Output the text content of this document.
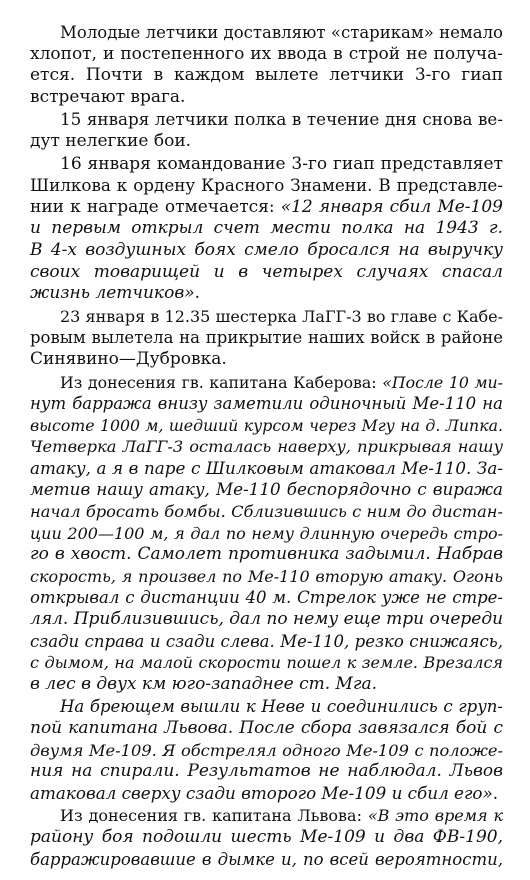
Молодые летчики доставляют «старикам» немало
хлопот, и постепенного их ввода в строй не получа-
ется. Почти в каждом вылете летчики 3-го гиап
встречают врага.
15 января летчики полка в течение дня снова ве-
дут нелегкие бои.
16 января командование 3-го гиап представляет
Шилкова к ордену Красного Знамени. В представле-
нии к награде отмечается: «12 января сбил Ме-109
и первым открыл счет мести полка на 1943 г.
В 4-х воздушных боях смело бросался на выручку
своих товарищей и в четырех случаях спасал
жизнь летчиков».
23 января в 12.35 шестерка ЛаГГ-3 во главе с Кабе-
ровым вылетела на прикрытие наших войск в районе
Синявино—Дубровка.
Из донесения гв. капитана Каберова: «После 10 ми-
нут барража внизу заметили одиночный Ме-110 на
высоте 1000 м, шедший курсом через Мгу на д. Липка.
Четверка ЛаГГ-3 осталась наверху, прикрывая нашу
атаку, а я в паре с Шилковым атаковал Ме-110. За-
метив нашу атаку, Ме-110 беспорядочно с виража
начал бросать бомбы. Сблизившись с ним до дистан-
ции 200—100 м, я дал по нему длинную очередь стро-
го в хвост. Самолет противника задымил. Набрав
скорость, я произвел по Ме-110 вторую атаку. Огонь
открывал с дистанции 40 м. Стрелок уже не стре-
лял. Приблизившись, дал по нему еще три очереди
сзади справа и сзади слева. Ме-110, резко снижаясь,
с дымом, на малой скорости пошел к земле. Врезался
в лес в двух км юго-западнее ст. Мга.
На бреющем вышли к Неве и соединились с груп-
пой капитана Львова. После сбора завязался бой с
двумя Ме-109. Я обстрелял одного Ме-109 с положе-
ния на спирали. Результатов не наблюдал. Львов
атаковал сверху сзади второго Ме-109 и сбил его».
Из донесения гв. капитана Львова: «В это время к
району боя подошли шесть Ме-109 и два ФВ-190,
барражировавшие в дымке и, по всей вероятности,
